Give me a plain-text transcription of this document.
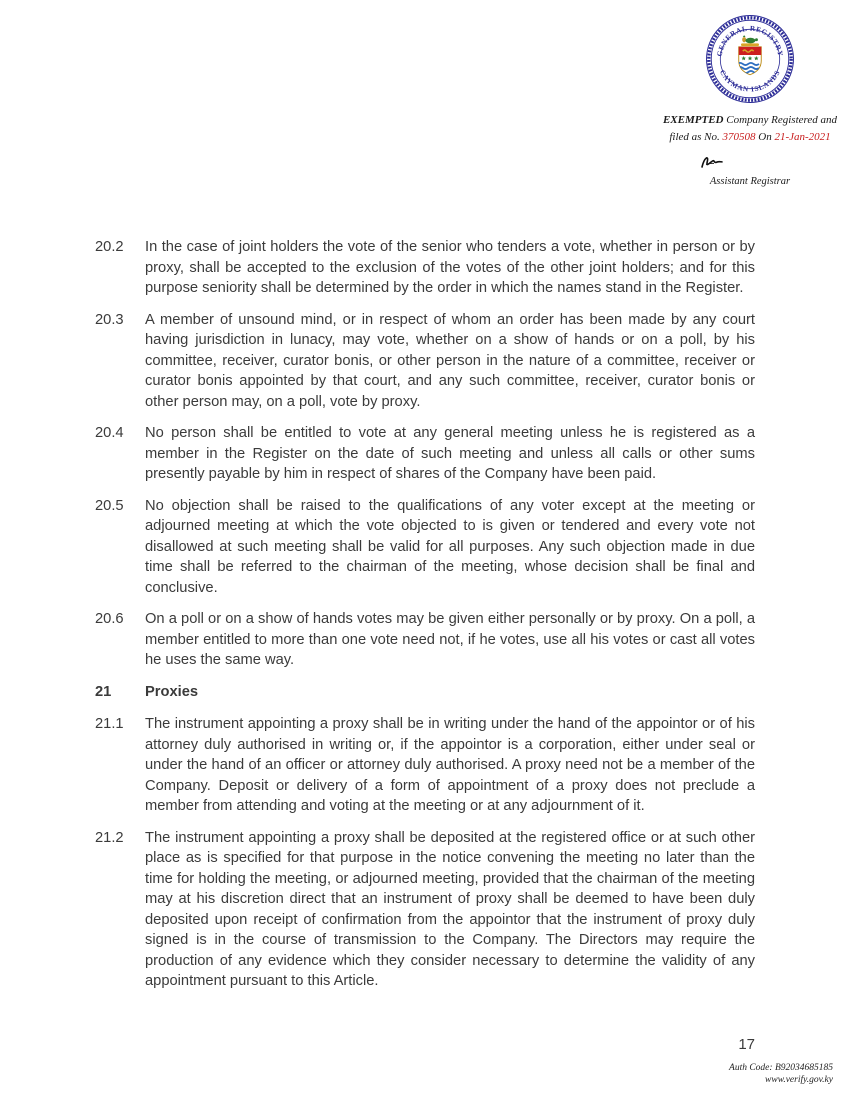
GENERAL REGISTRY
CAYMAN ISLANDS
EXEMPTED Company Registered and
filed as No. 370508 On 21-Jan-2021
Assistant Registrar
20.2	In the case of joint holders the vote of the senior who tenders a vote, whether in person or by proxy, shall be accepted to the exclusion of the votes of the other joint holders; and for this purpose seniority shall be determined by the order in which the names stand in the Register.
20.3	A member of unsound mind, or in respect of whom an order has been made by any court having jurisdiction in lunacy, may vote, whether on a show of hands or on a poll, by his committee, receiver, curator bonis, or other person in the nature of a committee, receiver or curator bonis appointed by that court, and any such committee, receiver, curator bonis or other person may, on a poll, vote by proxy.
20.4	No person shall be entitled to vote at any general meeting unless he is registered as a member in the Register on the date of such meeting and unless all calls or other sums presently payable by him in respect of shares of the Company have been paid.
20.5	No objection shall be raised to the qualifications of any voter except at the meeting or adjourned meeting at which the vote objected to is given or tendered and every vote not disallowed at such meeting shall be valid for all purposes. Any such objection made in due time shall be referred to the chairman of the meeting, whose decision shall be final and conclusive.
20.6	On a poll or on a show of hands votes may be given either personally or by proxy. On a poll, a member entitled to more than one vote need not, if he votes, use all his votes or cast all votes he uses the same way.
21	Proxies
21.1	The instrument appointing a proxy shall be in writing under the hand of the appointor or of his attorney duly authorised in writing or, if the appointor is a corporation, either under seal or under the hand of an officer or attorney duly authorised. A proxy need not be a member of the Company. Deposit or delivery of a form of appointment of a proxy does not preclude a member from attending and voting at the meeting or at any adjournment of it.
21.2	The instrument appointing a proxy shall be deposited at the registered office or at such other place as is specified for that purpose in the notice convening the meeting no later than the time for holding the meeting, or adjourned meeting, provided that the chairman of the meeting may at his discretion direct that an instrument of proxy shall be deemed to have been duly deposited upon receipt of confirmation from the appointor that the instrument of proxy duly signed is in the course of transmission to the Company. The Directors may require the production of any evidence which they consider necessary to determine the validity of any appointment pursuant to this Article.
17
Auth Code: B92034685185
www.verify.gov.ky
